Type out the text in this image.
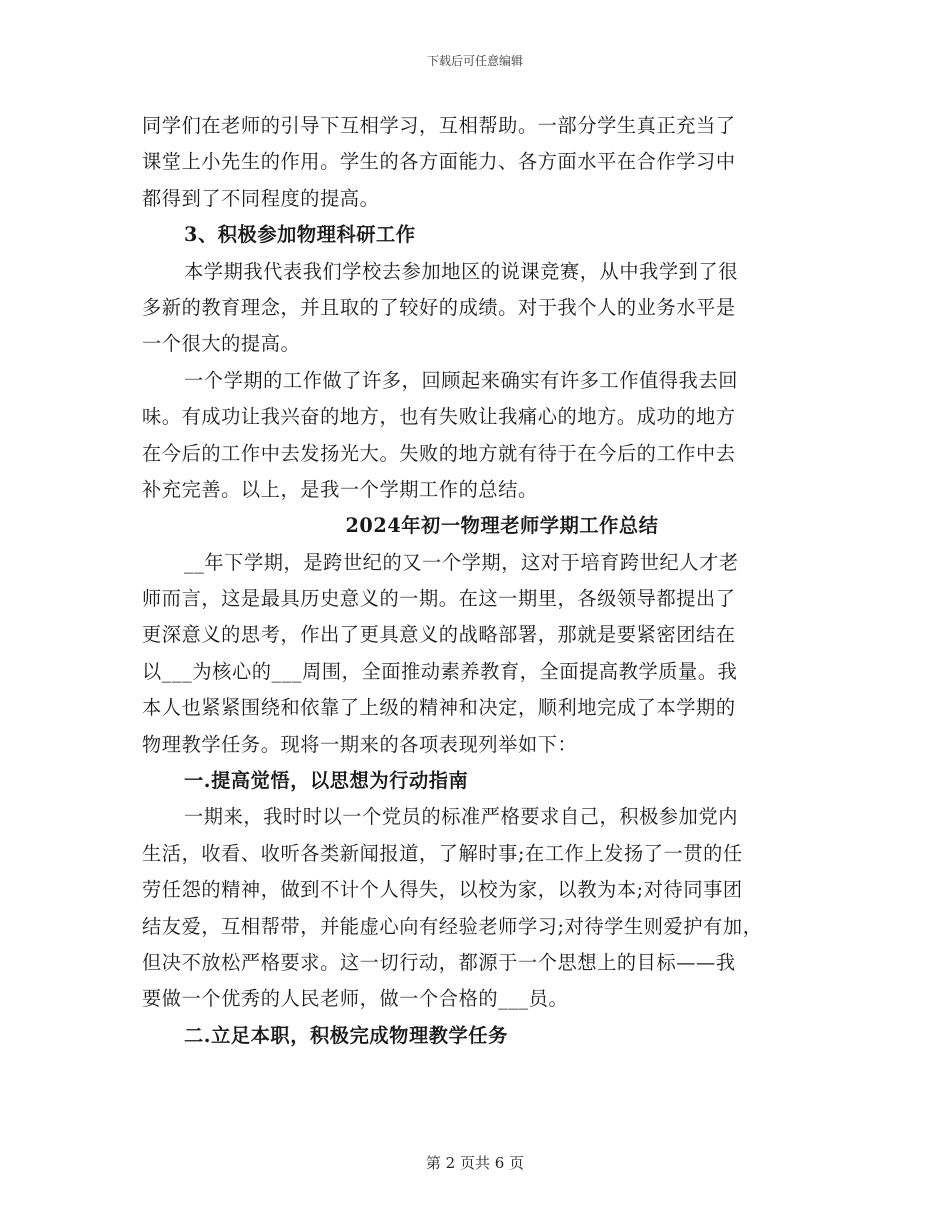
下载后可任意编辑
同学们在老师的引导下互相学习，互相帮助。一部分学生真正充当了
课堂上小先生的作用。学生的各方面能力、各方面水平在合作学习中
都得到了不同程度的提高。
3、积极参加物理科研工作
本学期我代表我们学校去参加地区的说课竞赛，从中我学到了很
多新的教育理念，并且取的了较好的成绩。对于我个人的业务水平是
一个很大的提高。
一个学期的工作做了许多，回顾起来确实有许多工作值得我去回
味。有成功让我兴奋的地方，也有失败让我痛心的地方。成功的地方
在今后的工作中去发扬光大。失败的地方就有待于在今后的工作中去
补充完善。以上，是我一个学期工作的总结。
2024年初一物理老师学期工作总结
__年下学期，是跨世纪的又一个学期，这对于培育跨世纪人才老
师而言，这是最具历史意义的一期。在这一期里，各级领导都提出了
更深意义的思考，作出了更具意义的战略部署，那就是要紧密团结在
以___为核心的___周围，全面推动素养教育，全面提高教学质量。我
本人也紧紧围绕和依靠了上级的精神和决定，顺利地完成了本学期的
物理教学任务。现将一期来的各项表现列举如下：
一.提高觉悟，以思想为行动指南
一期来，我时时以一个党员的标准严格要求自己，积极参加党内
生活，收看、收听各类新闻报道，了解时事;在工作上发扬了一贯的任
劳任怨的精神，做到不计个人得失，以校为家，以教为本;对待同事团
结友爱，互相帮带，并能虚心向有经验老师学习;对待学生则爱护有加，
但决不放松严格要求。这一切行动，都源于一个思想上的目标——我
要做一个优秀的人民老师，做一个合格的___员。
二.立足本职，积极完成物理教学任务
第 2 页共 6 页
